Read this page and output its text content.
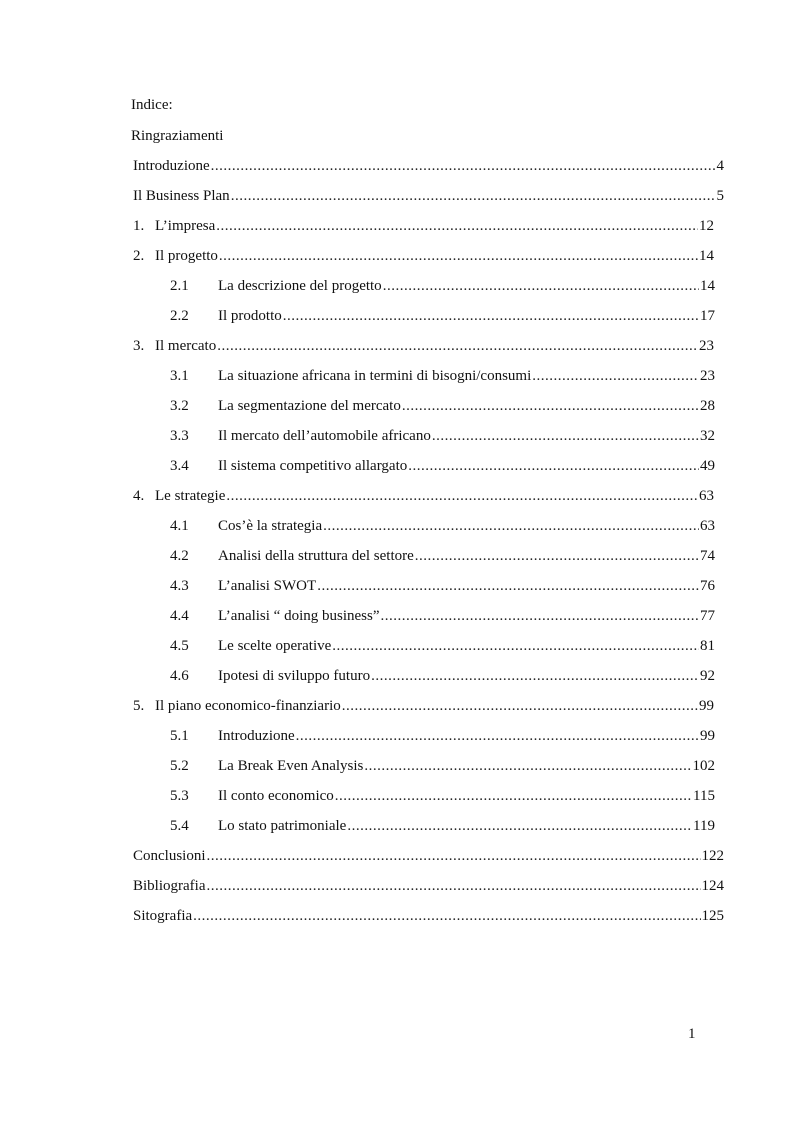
Indice:
Ringraziamenti
Introduzione .....	4
Il Business Plan .....	5
1. L’impresa .....	12
2. Il progetto .....	14
2.1	La descrizione del progetto .....	14
2.2	Il prodotto .....	17
3. Il mercato .....	23
3.1	La situazione africana in termini di bisogni/consumi .....	23
3.2	La segmentazione del mercato .....	28
3.3	Il mercato dell’automobile africano .....	32
3.4	Il sistema competitivo allargato .....	49
4. Le strategie .....	63
4.1	Cos’è la strategia .....	63
4.2	Analisi della struttura del settore .....	74
4.3	L’analisi SWOT .....	76
4.4	L’analisi “ doing business” .....	77
4.5	Le scelte operative .....	81
4.6	Ipotesi di sviluppo futuro .....	92
5. Il piano economico-finanziario .....	99
5.1	Introduzione .....	99
5.2	La Break Even Analysis .....	102
5.3	Il conto economico .....	115
5.4	Lo stato patrimoniale .....	119
Conclusioni .....	122
Bibliografia .....	124
Sitografia .....	125
1
